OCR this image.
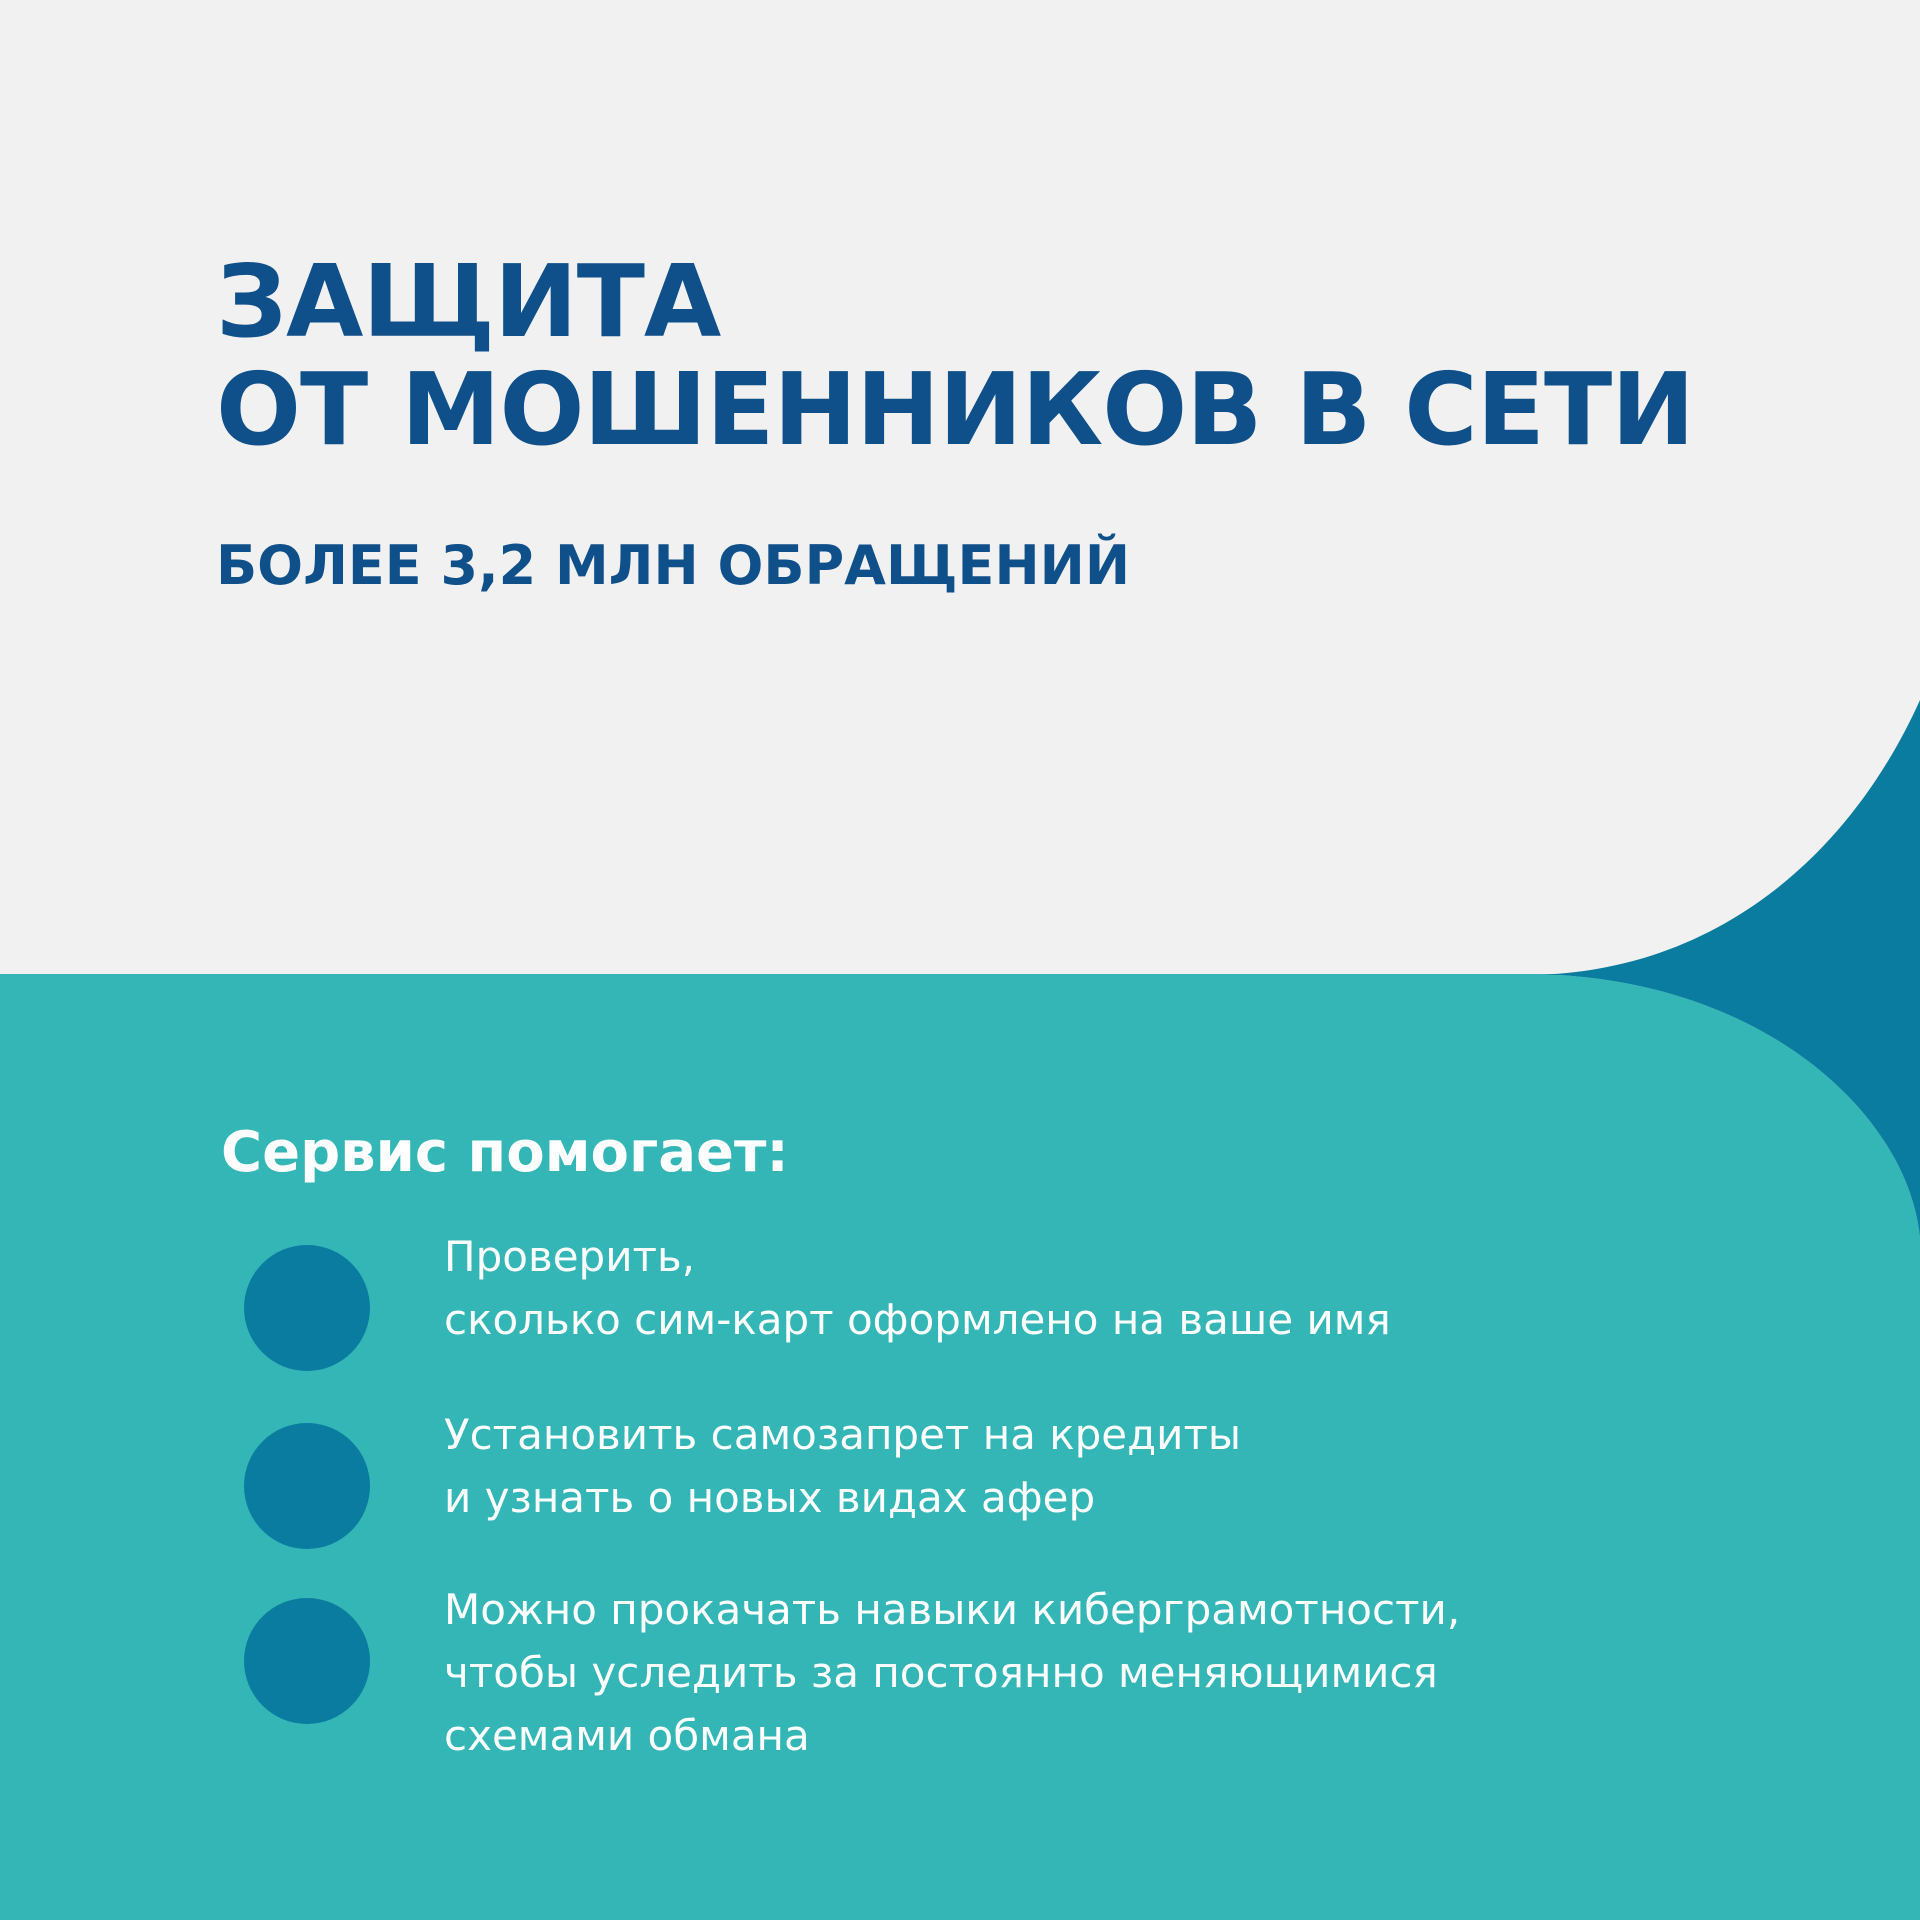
ЗАЩИТА
ОТ МОШЕННИКОВ В СЕТИ

БОЛЕЕ 3,2 МЛН ОБРАЩЕНИЙ

Сервис помогает:
Проверить,
сколько сим-карт оформлено на ваше имя
Установить самозапрет на кредиты
и узнать о новых видах афер
Можно прокачать навыки киберграмотности,
чтобы уследить за постоянно меняющимися
схемами обмана
